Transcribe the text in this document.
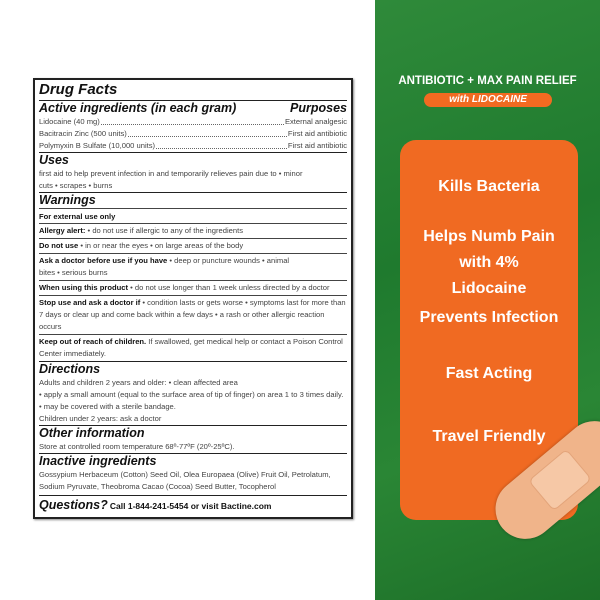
Drug Facts
Active ingredients (in each gram)	Purposes
Lidocaine (40 mg)	External analgesic
Bacitracin Zinc (500 units)	First aid antibiotic
Polymyxin B Sulfate (10,000 units)	First aid antibiotic
Uses
first aid to help prevent infection in and temporarily relieves pain due to • minor cuts • scrapes • burns
Warnings
For external use only
Allergy alert: • do not use if allergic to any of the ingredients
Do not use • in or near the eyes • on large areas of the body
Ask a doctor before use if you have • deep or puncture wounds • animal bites • serious burns
When using this product • do not use longer than 1 week unless directed by a doctor
Stop use and ask a doctor if • condition lasts or gets worse • symptoms last for more than 7 days or clear up and come back within a few days • a rash or other allergic reaction occurs
Keep out of reach of children. If swallowed, get medical help or contact a Poison Control Center immediately.
Directions
Adults and children 2 years and older: • clean affected area
• apply a small amount (equal to the surface area of tip of finger) on area 1 to 3 times daily. • may be covered with a sterile bandage.
Children under 2 years: ask a doctor
Other information
Store at controlled room temperature 68º-77ºF (20º-25ºC).
Inactive ingredients
Gossypium Herbaceum (Cotton) Seed Oil, Olea Europaea (Olive) Fruit Oil, Petrolatum, Sodium Pyruvate, Theobroma Cacao (Cocoa) Seed Butter, Tocopherol
Questions? Call 1-844-241-5454 or visit Bactine.com
ANTIBIOTIC + MAX PAIN RELIEF
with LIDOCAINE
Kills Bacteria
Helps Numb Pain with 4% Lidocaine
Prevents Infection
Fast Acting
Travel Friendly
